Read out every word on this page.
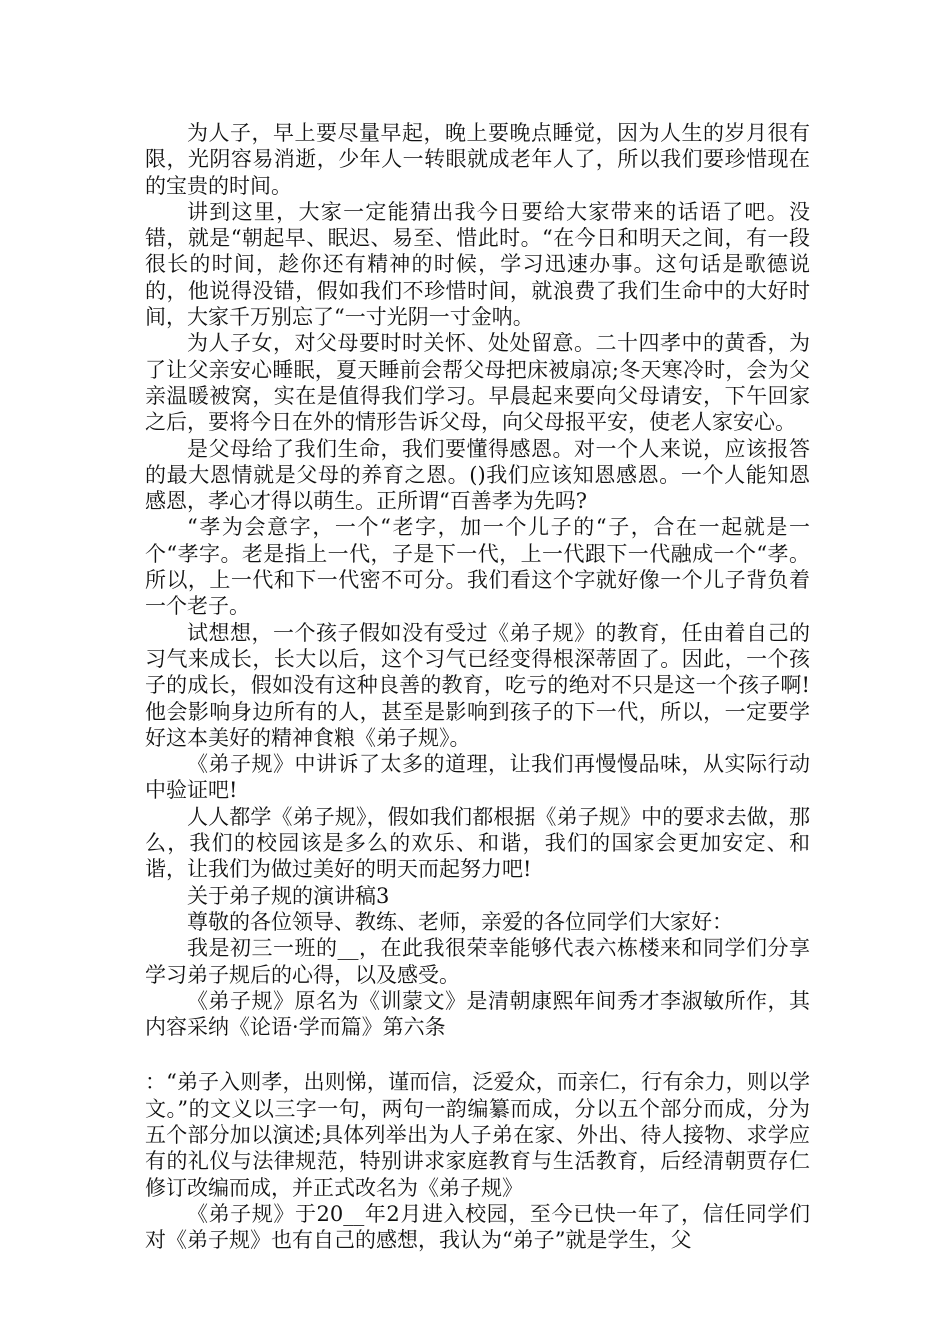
为人子，早上要尽量早起，晚上要晚点睡觉，因为人生的岁月很有限，光阴容易消逝，少年人一转眼就成老年人了，所以我们要珍惜现在的宝贵的时间。

讲到这里，大家一定能猜出我今日要给大家带来的话语了吧。没错，就是“朝起早、眠迟、易至、惜此时。“在今日和明天之间，有一段很长的时间，趁你还有精神的时候，学习迅速办事。这句话是歌德说的，他说得没错，假如我们不珍惜时间，就浪费了我们生命中的大好时间，大家千万别忘了“一寸光阴一寸金呐。

为人子女，对父母要时时关怀、处处留意。二十四孝中的黄香，为了让父亲安心睡眠，夏天睡前会帮父母把床被扇凉;冬天寒冷时，会为父亲温暖被窝，实在是值得我们学习。早晨起来要向父母请安，下午回家之后，要将今日在外的情形告诉父母，向父母报平安，使老人家安心。

是父母给了我们生命，我们要懂得感恩。对一个人来说，应该报答的最大恩情就是父母的养育之恩。()我们应该知恩感恩。一个人能知恩感恩，孝心才得以萌生。正所谓“百善孝为先吗?

“孝为会意字，一个“老字，加一个儿子的“子，合在一起就是一个“孝字。老是指上一代，子是下一代，上一代跟下一代融成一个“孝。所以，上一代和下一代密不可分。我们看这个字就好像一个儿子背负着一个老子。

试想想，一个孩子假如没有受过《弟子规》的教育，任由着自己的习气来成长，长大以后，这个习气已经变得根深蒂固了。因此，一个孩子的成长，假如没有这种良善的教育，吃亏的绝对不只是这一个孩子啊!他会影响身边所有的人，甚至是影响到孩子的下一代，所以，一定要学好这本美好的精神食粮《弟子规》。

《弟子规》中讲诉了太多的道理，让我们再慢慢品味，从实际行动中验证吧!

人人都学《弟子规》，假如我们都根据《弟子规》中的要求去做，那么，我们的校园该是多么的欢乐、和谐，我们的国家会更加安定、和谐，让我们为做过美好的明天而起努力吧!

关于弟子规的演讲稿3

尊敬的各位领导、教练、老师，亲爱的各位同学们大家好：

我是初三一班的__，在此我很荣幸能够代表六栋楼来和同学们分享学习弟子规后的心得，以及感受。

《弟子规》原名为《训蒙文》是清朝康熙年间秀才李淑敏所作，其内容采纳《论语·学而篇》第六条

：“弟子入则孝，出则悌，谨而信，泛爱众，而亲仁，行有余力，则以学文。”的文义以三字一句，两句一韵编纂而成，分以五个部分而成，分为五个部分加以演述;具体列举出为人子弟在家、外出、待人接物、求学应有的礼仪与法律规范，特别讲求家庭教育与生活教育，后经清朝贾存仁修订改编而成，并正式改名为《弟子规》

《弟子规》于20__年2月进入校园，至今已快一年了，信任同学们对《弟子规》也有自己的感想，我认为“弟子”就是学生，父
